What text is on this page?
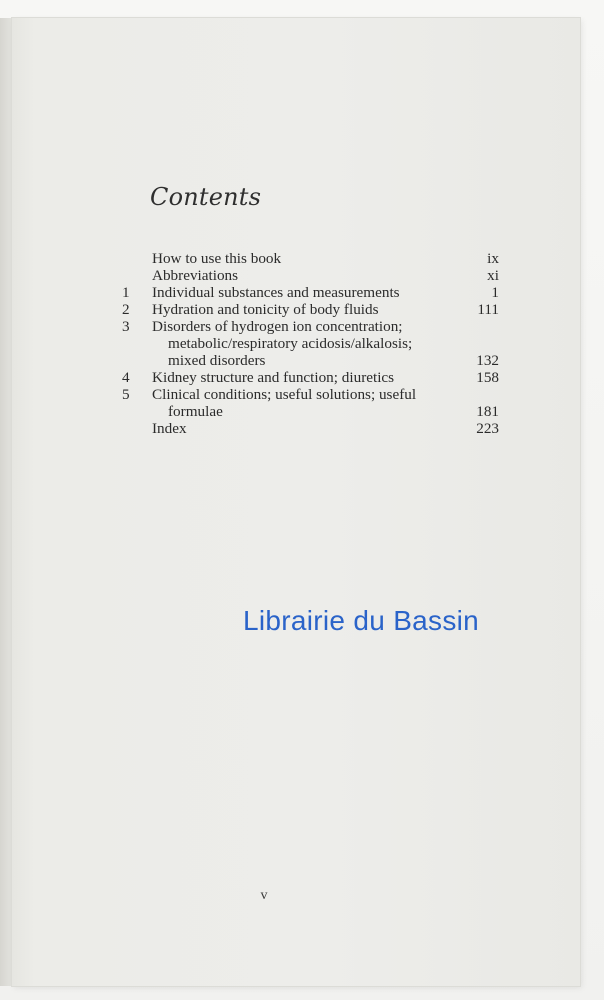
Contents
How to use this book	ix
Abbreviations	xi
1	Individual substances and measurements	1
2	Hydration and tonicity of body fluids	111
3	Disorders of hydrogen ion concentration;
metabolic/respiratory acidosis/alkalosis;
mixed disorders	132
4	Kidney structure and function; diuretics	158
5	Clinical conditions; useful solutions; useful
formulae	181
Index	223
Librairie du Bassin
v
